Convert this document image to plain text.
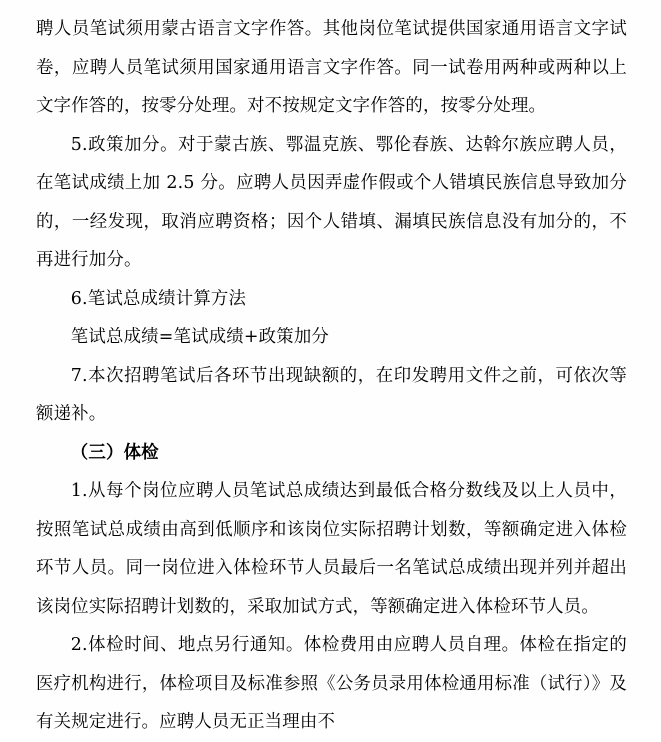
聘人员笔试须用蒙古语言文字作答。其他岗位笔试提供国家通用语言文字试卷，应聘人员笔试须用国家通用语言文字作答。同一试卷用两种或两种以上文字作答的，按零分处理。对不按规定文字作答的，按零分处理。

5.政策加分。对于蒙古族、鄂温克族、鄂伦春族、达斡尔族应聘人员，在笔试成绩上加 2.5 分。应聘人员因弄虚作假或个人错填民族信息导致加分的，一经发现，取消应聘资格；因个人错填、漏填民族信息没有加分的，不再进行加分。

6.笔试总成绩计算方法

笔试总成绩=笔试成绩+政策加分

7.本次招聘笔试后各环节出现缺额的，在印发聘用文件之前，可依次等额递补。

（三）体检

1.从每个岗位应聘人员笔试总成绩达到最低合格分数线及以上人员中，按照笔试总成绩由高到低顺序和该岗位实际招聘计划数，等额确定进入体检环节人员。同一岗位进入体检环节人员最后一名笔试总成绩出现并列并超出该岗位实际招聘计划数的，采取加试方式，等额确定进入体检环节人员。

2.体检时间、地点另行通知。体检费用由应聘人员自理。体检在指定的医疗机构进行，体检项目及标准参照《公务员录用体检通用标准（试行）》及有关规定进行。应聘人员无正当理由不
